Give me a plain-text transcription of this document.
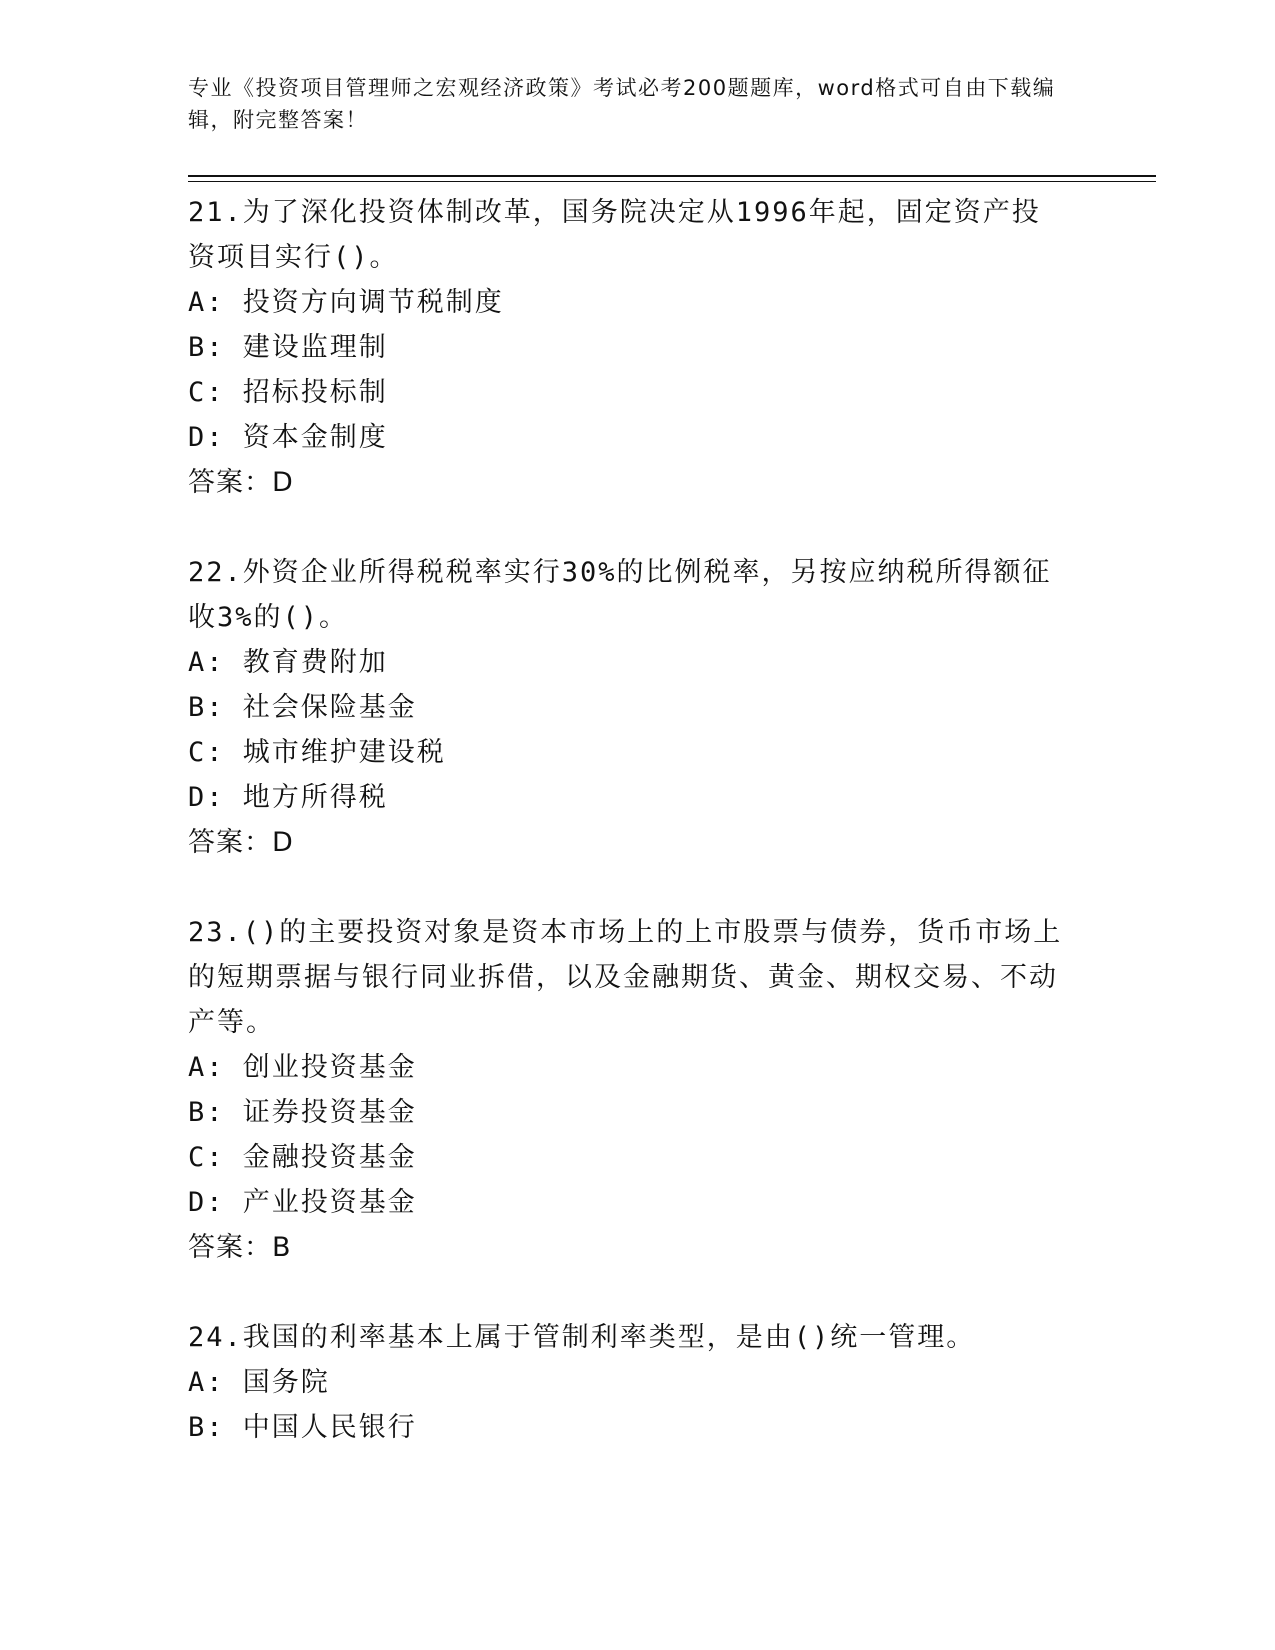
专业《投资项目管理师之宏观经济政策》考试必考200题题库，word格式可自由下载编辑，附完整答案！

21.为了深化投资体制改革，国务院决定从1996年起，固定资产投资项目实行()。

A: 投资方向调节税制度

B: 建设监理制

C: 招标投标制

D: 资本金制度

答案：D

22.外资企业所得税税率实行30%的比例税率，另按应纳税所得额征收3%的()。

A: 教育费附加

B: 社会保险基金

C: 城市维护建设税

D: 地方所得税

答案：D

23.()的主要投资对象是资本市场上的上市股票与债券，货币市场上的短期票据与银行同业拆借，以及金融期货、黄金、期权交易、不动产等。

A: 创业投资基金

B: 证券投资基金

C: 金融投资基金

D: 产业投资基金

答案：B

24.我国的利率基本上属于管制利率类型，是由()统一管理。

A: 国务院

B: 中国人民银行
